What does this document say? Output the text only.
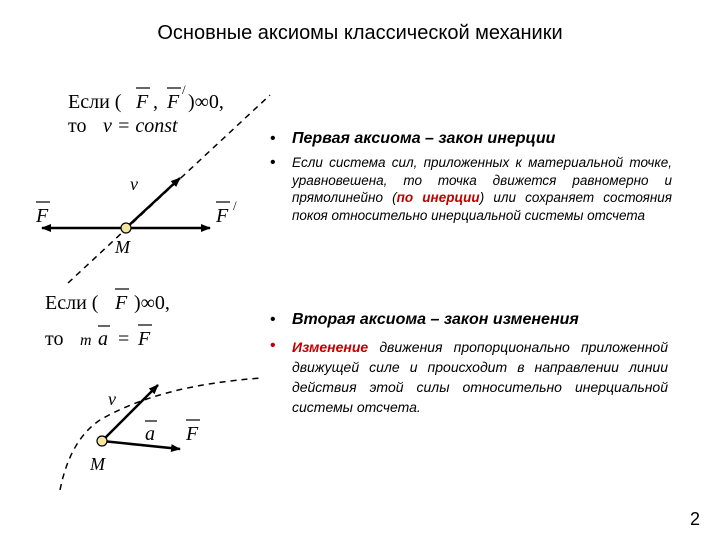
Основные аксиомы классической механики
Если ( F , F
/
)∞0,
то v = const
v
F	F /
M
Если ( F )∞0,
то m a = F
v
a F
M
• Первая аксиома – закон инерции
• Если система сил, приложенных к материальной точке, уравновешена, то точка движется равномерно и прямолинейно (по инерции) или сохраняет состояния покоя относительно инерциальной системы отсчета
• Вторая аксиома – закон изменения
• Изменение движения пропорционально приложенной движущей силе и происходит в направлении линии действия этой силы относительно инерциальной системы отсчета.
2
